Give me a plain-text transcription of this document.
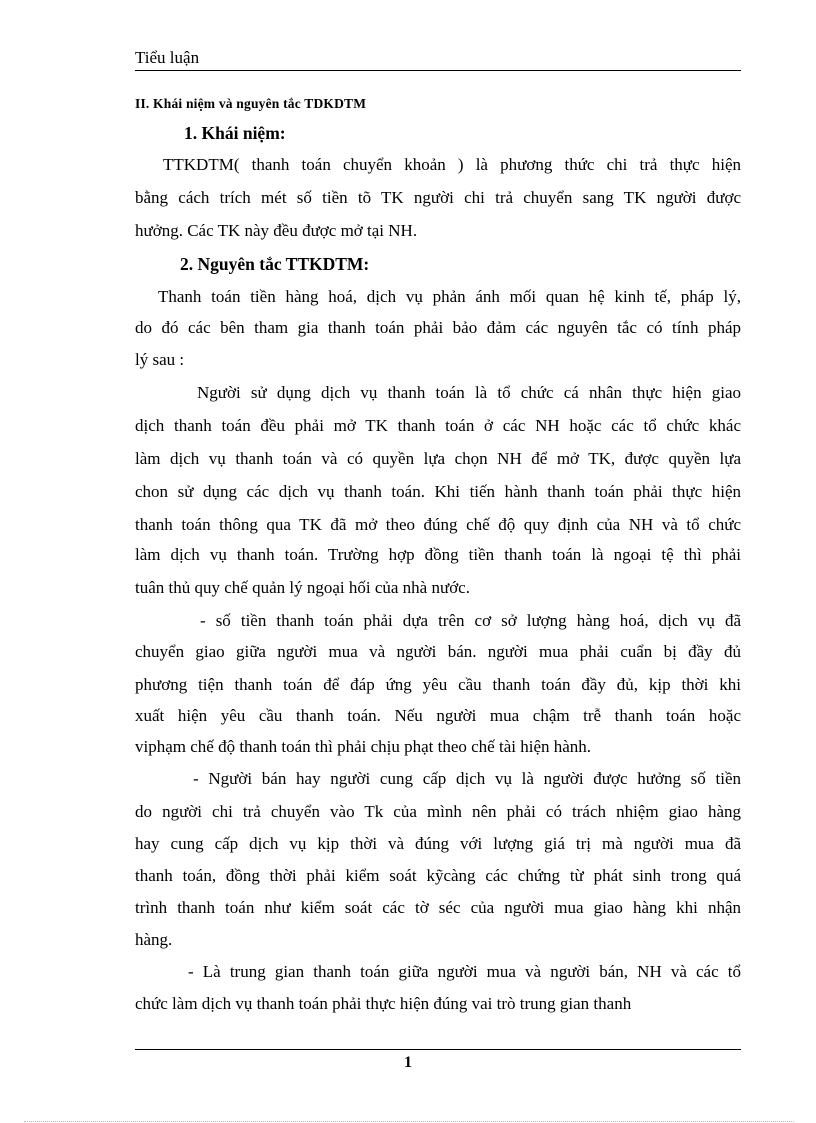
Tiểu luận
II. Khái niệm và nguyên tắc TDKDTM
1. Khái niệm:
TTKDTM( thanh toán chuyển khoản ) là phương thức chi trả thực hiện
bằng cách trích mét số tiền tõ TK người chi trả chuyển sang TK người được
hưởng. Các TK này đều được mở tại NH.
2. Nguyên tắc TTKDTM:
Thanh toán tiền hàng hoá, dịch vụ phản ánh mối quan hệ kinh tế, pháp lý,
do đó các bên tham gia thanh toán phải bảo đảm các nguyên tắc có tính pháp
lý sau :
Người sử dụng dịch vụ thanh toán là tổ chức cá nhân thực hiện giao
dịch thanh toán đều phải mở TK thanh toán ở các NH hoặc các tổ chức khác
làm dịch vụ thanh toán và có quyền lựa chọn NH để mở TK, được quyền lựa
chon sử dụng các dịch vụ thanh toán. Khi tiến hành thanh toán phải thực hiện
thanh toán thông qua TK đã mở theo đúng chế độ quy định của NH và tổ chức
làm dịch vụ thanh toán. Trường hợp đồng tiền thanh toán là ngoại tệ thì phải
tuân thủ quy chế quản lý ngoại hối của nhà nước.
- số tiền thanh toán phải dựa trên cơ sở lượng hàng hoá, dịch vụ đã
chuyển giao giữa người mua và người bán. người mua phải cuẩn bị đầy đủ
phương tiện thanh toán để đáp ứng yêu cầu thanh toán đầy đủ, kịp thời khi
xuất hiện yêu cầu thanh toán. Nếu người mua chậm trễ thanh toán hoặc
viphạm chế độ thanh toán thì phải chịu phạt theo chế tài hiện hành.
- Người bán hay người cung cấp dịch vụ là người được hưởng số tiền
do người chi trả chuyển vào Tk của mình nên phải có trách nhiệm giao hàng
hay cung cấp dịch vụ kịp thời và đúng với lượng giá trị mà người mua đã
thanh toán, đồng thời phải kiểm soát kỹcàng các chứng từ phát sinh trong quá
trình thanh toán như kiểm soát các tờ séc của người mua giao hàng khi nhận
hàng.
- Là trung gian thanh toán giữa người mua và người bán, NH và các tổ
chức làm dịch vụ thanh toán phải thực hiện đúng vai trò trung gian thanh
1
